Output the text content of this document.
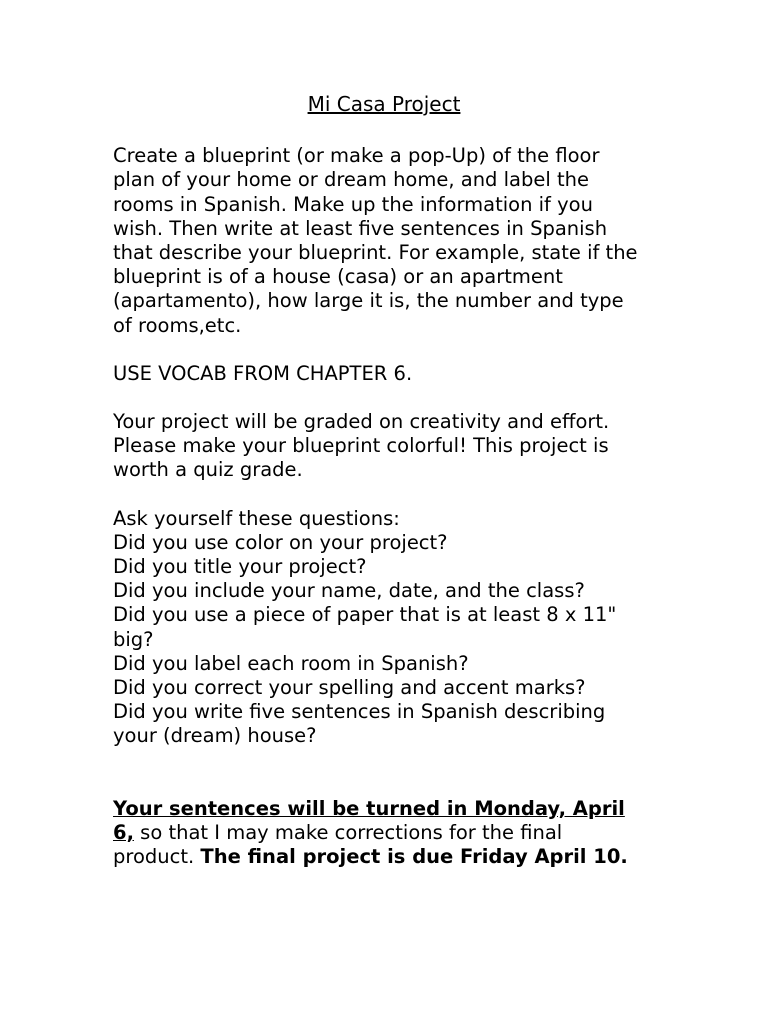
Mi Casa Project

Create a blueprint (or make a pop-Up) of the floor
plan of your home or dream home, and label the
rooms in Spanish. Make up the information if you
wish. Then write at least five sentences in Spanish
that describe your blueprint. For example, state if the
blueprint is of a house (casa) or an apartment
(apartamento), how large it is, the number and type
of rooms,etc.

USE VOCAB FROM CHAPTER 6.

Your project will be graded on creativity and effort.
Please make your blueprint colorful! This project is
worth a quiz grade.

Ask yourself these questions:
Did you use color on your project?
Did you title your project?
Did you include your name, date, and the class?
Did you use a piece of paper that is at least 8 x 11"
big?
Did you label each room in Spanish?
Did you correct your spelling and accent marks?
Did you write five sentences in Spanish describing
your (dream) house?

Your sentences will be turned in Monday, April
6, so that I may make corrections for the final
product. The final project is due Friday April 10.
